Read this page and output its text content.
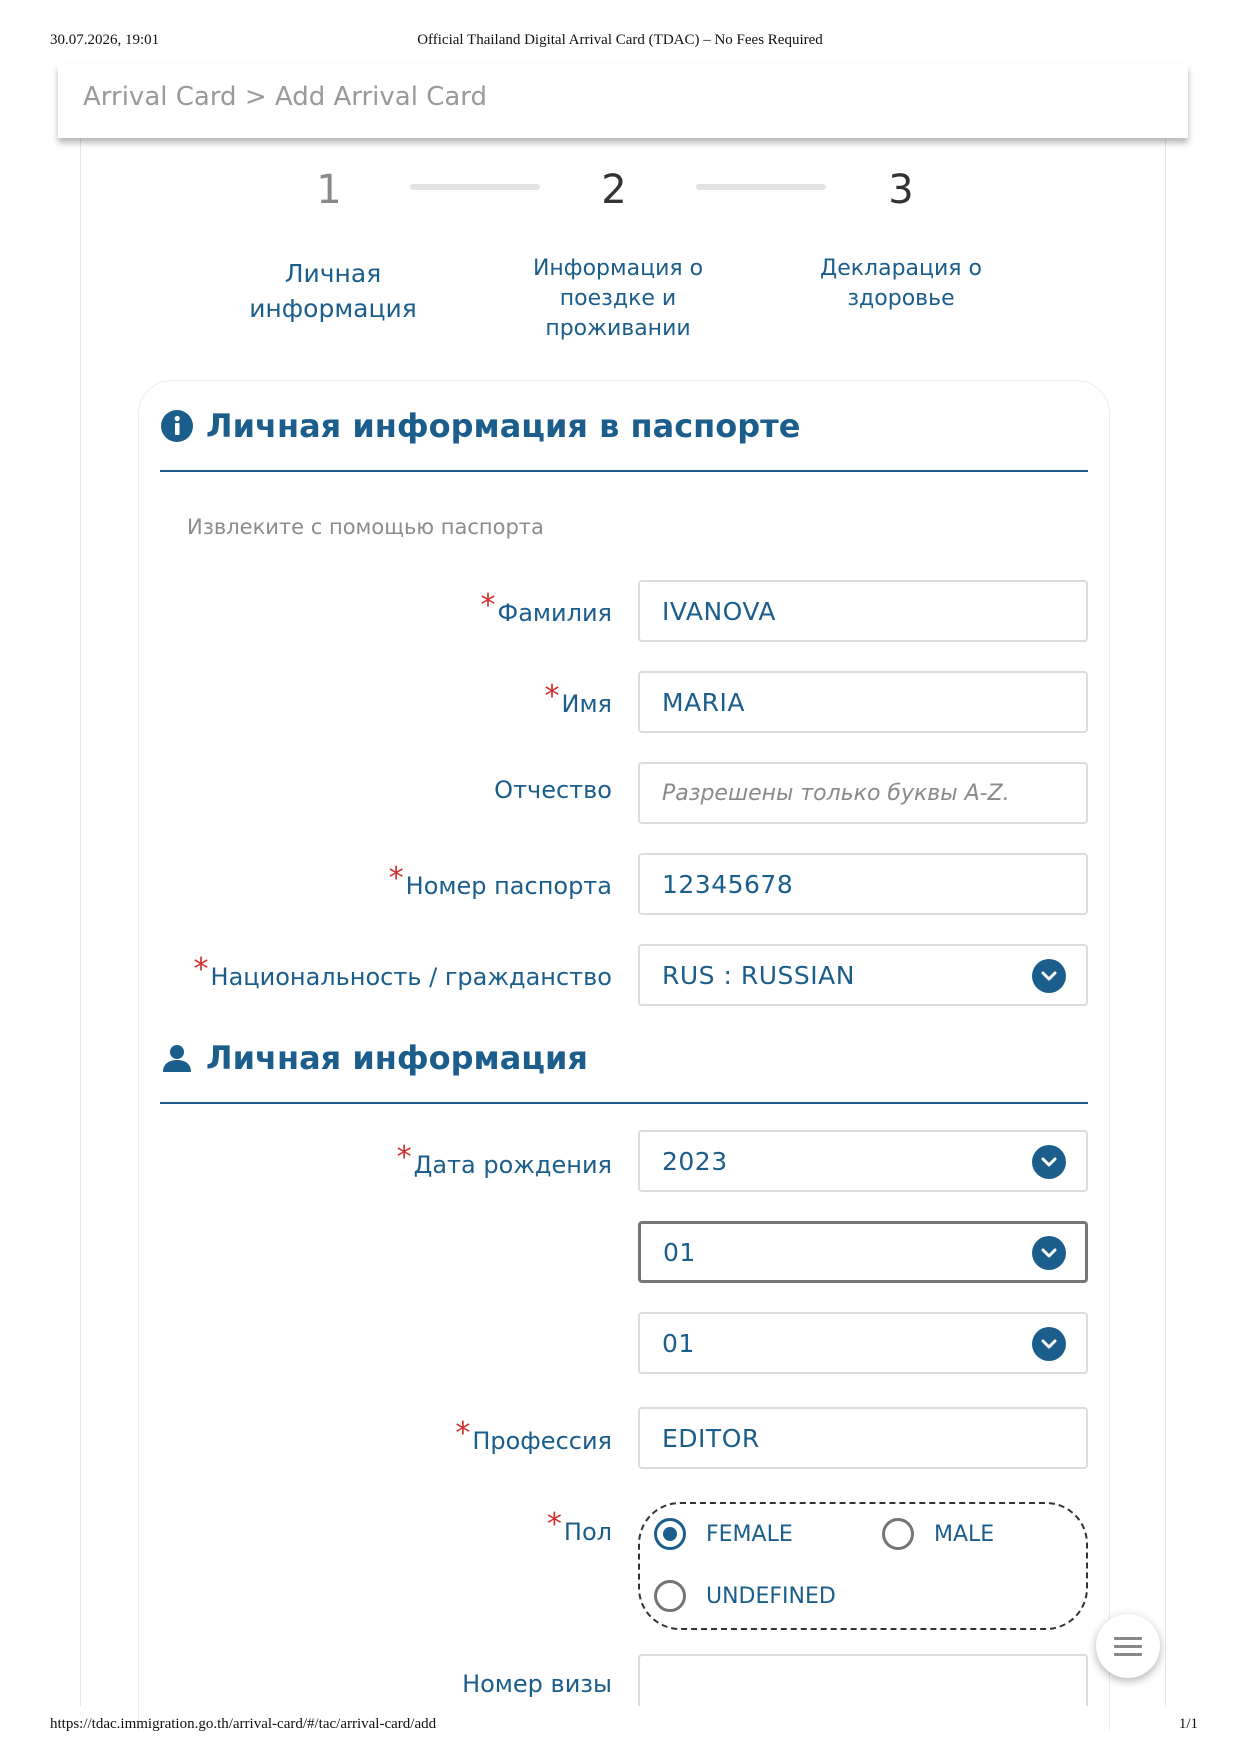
30.07.2026, 19:01	Official Thailand Digital Arrival Card (TDAC) – No Fees Required
Arrival Card > Add Arrival Card
1	2	3
Личная
информация
Информация о
поездке и
проживании
Декларация о
здоровье
Личная информация в паспорте
Извлеките с помощью паспорта
*Фамилия IVANOVA
*Имя MARIA
Отчество Разрешены только буквы A-Z.
*Номер паспорта 12345678
*Национальность / гражданство RUS : RUSSIAN
Личная информация
*Дата рождения 2023
01
01
*Профессия EDITOR
*Пол	FEMALE	MALE
UNDEFINED
Номер визы
https://tdac.immigration.go.th/arrival-card/#/tac/arrival-card/add	1/1
